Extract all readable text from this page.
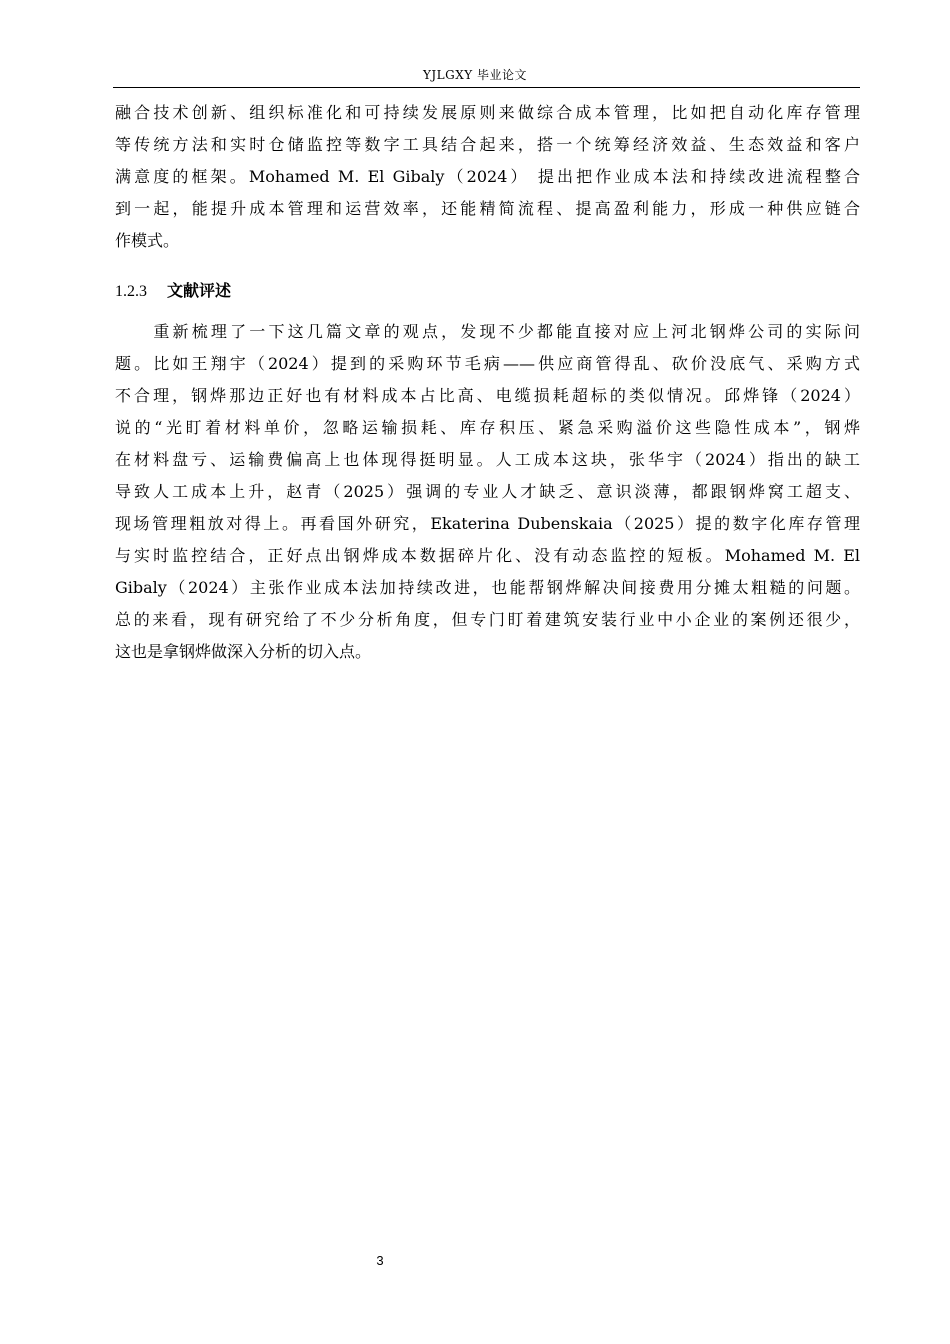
YJLGXY 毕业论文
融合技术创新、组织标准化和可持续发展原则来做综合成本管理，比如把自动化库存管理
等传统方法和实时仓储监控等数字工具结合起来，搭一个统筹经济效益、生态效益和客户
满意度的框架。Mohamed M. El Gibaly（2024） 提出把作业成本法和持续改进流程整合
到一起，能提升成本管理和运营效率，还能精简流程、提高盈利能力，形成一种供应链合
作模式。
1.2.3 文献评述
　　重新梳理了一下这几篇文章的观点，发现不少都能直接对应上河北钢烨公司的实际问
题。比如王翔宇（2024）提到的采购环节毛病——供应商管得乱、砍价没底气、采购方式
不合理，钢烨那边正好也有材料成本占比高、电缆损耗超标的类似情况。邱烨锋（2024）
说的“光盯着材料单价，忽略运输损耗、库存积压、紧急采购溢价这些隐性成本”，钢烨
在材料盘亏、运输费偏高上也体现得挺明显。人工成本这块，张华宇（2024）指出的缺工
导致人工成本上升，赵青（2025）强调的专业人才缺乏、意识淡薄，都跟钢烨窝工超支、
现场管理粗放对得上。再看国外研究，Ekaterina Dubenskaia（2025）提的数字化库存管理
与实时监控结合，正好点出钢烨成本数据碎片化、没有动态监控的短板。Mohamed M. El
Gibaly（2024）主张作业成本法加持续改进，也能帮钢烨解决间接费用分摊太粗糙的问题。
总的来看，现有研究给了不少分析角度，但专门盯着建筑安装行业中小企业的案例还很少，
这也是拿钢烨做深入分析的切入点。
3
